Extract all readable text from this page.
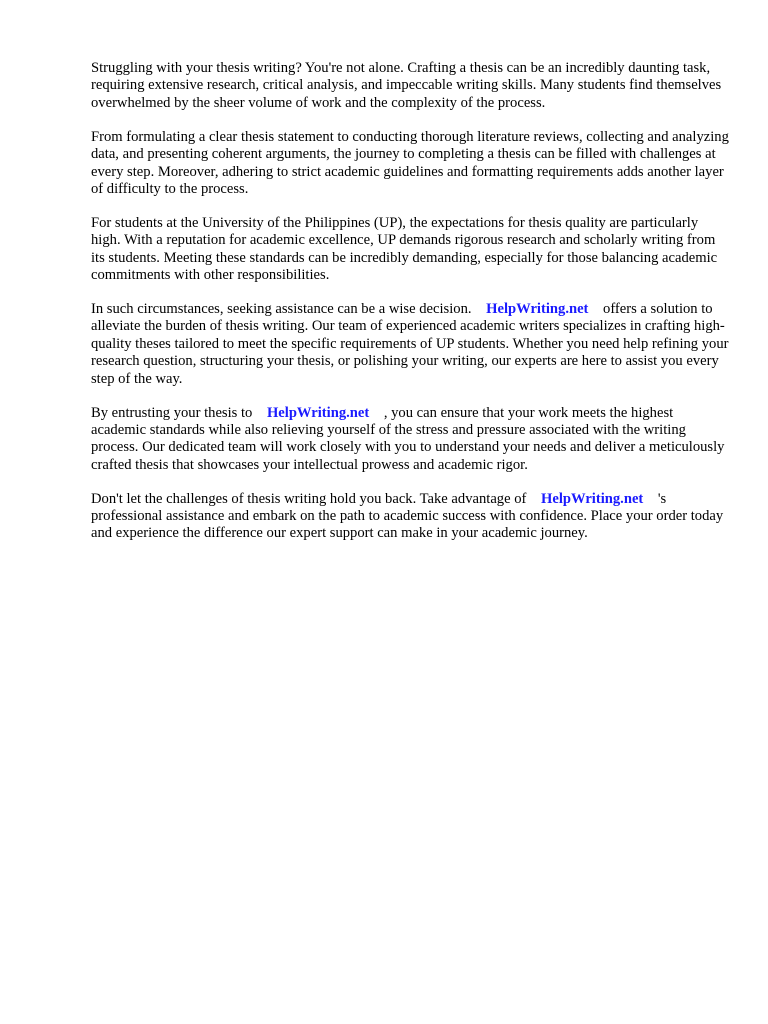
Struggling with your thesis writing? You're not alone. Crafting a thesis can be an incredibly daunting task, requiring extensive research, critical analysis, and impeccable writing skills. Many students find themselves overwhelmed by the sheer volume of work and the complexity of the process.

From formulating a clear thesis statement to conducting thorough literature reviews, collecting and analyzing data, and presenting coherent arguments, the journey to completing a thesis can be filled with challenges at every step. Moreover, adhering to strict academic guidelines and formatting requirements adds another layer of difficulty to the process.

For students at the University of the Philippines (UP), the expectations for thesis quality are particularly high. With a reputation for academic excellence, UP demands rigorous research and scholarly writing from its students. Meeting these standards can be incredibly demanding, especially for those balancing academic commitments with other responsibilities.

In such circumstances, seeking assistance can be a wise decision. HelpWriting.net offers a solution to alleviate the burden of thesis writing. Our team of experienced academic writers specializes in crafting high-quality theses tailored to meet the specific requirements of UP students. Whether you need help refining your research question, structuring your thesis, or polishing your writing, our experts are here to assist you every step of the way.

By entrusting your thesis to HelpWriting.net , you can ensure that your work meets the highest academic standards while also relieving yourself of the stress and pressure associated with the writing process. Our dedicated team will work closely with you to understand your needs and deliver a meticulously crafted thesis that showcases your intellectual prowess and academic rigor.

Don't let the challenges of thesis writing hold you back. Take advantage of HelpWriting.net 's professional assistance and embark on the path to academic success with confidence. Place your order today and experience the difference our expert support can make in your academic journey.
